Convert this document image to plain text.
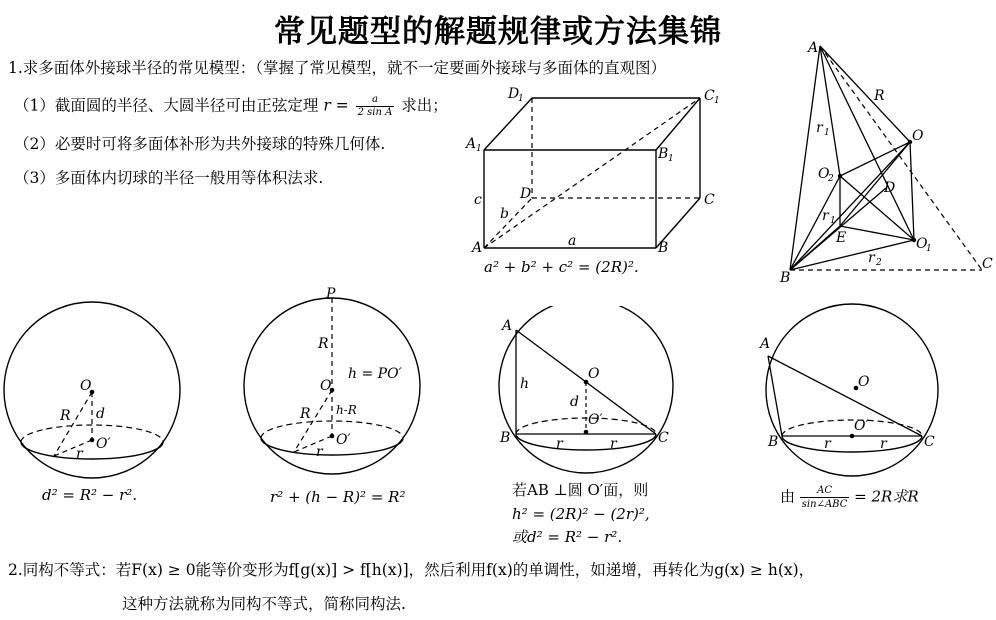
常见题型的解题规律或方法集锦
1.求多面体外接球半径的常见模型：（掌握了常见模型，就不一定要画外接球与多面体的直观图）
（1）截面圆的半径、大圆半径可由正弦定理 $r = \frac{a}{\text{2 sin A}}$ 求出；
（2）必要时可将多面体补形为共外接球的特殊几何体.
（3）多面体内切球的半径一般用等体积法求.
D
1	C 1
A 1	B 1
D	C
A	B
a
b
c
a² + b² + c² = (2R)².
A
R
O
r 1
O
2
D
r 1
E	O
1
r 2
B
C
O
O′
R d
r
d² = R² − r².
P
R
O
h = PO′
h-R
R
O′
r
r² + (h − R)² = R²
A
h
O
d
O′
B	C
r	r
若AB ⊥圆 O′面，则
h² = (2R)² − (2r)²,
或d² = R² − r².
A
O
O′
B	C
r	r
由	AC
sin∠ABC = 2R求R
2.同构不等式：若F(x) ≥ 0能等价变形为f[g(x)] > f[h(x)]，然后利用f(x)的单调性，如递增，再转化为g(x) ≥ h(x)，
这种方法就称为同构不等式，简称同构法.
